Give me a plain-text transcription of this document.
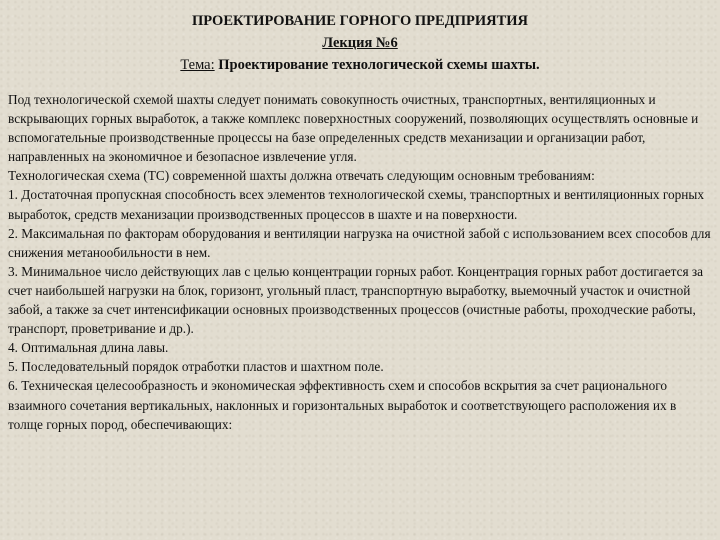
ПРОЕКТИРОВАНИЕ ГОРНОГО ПРЕДПРИЯТИЯ
Лекция №6
Тема: Проектирование технологической схемы шахты.

Под технологической схемой шахты следует понимать совокупность очистных, транспортных, вентиляционных и вскрывающих горных выработок, а также комплекс поверхностных сооружений, позволяющих осуществлять основные и вспомогательные производственные процессы на базе определенных средств механизации и организации работ, направленных на экономичное и безопасное извлечение угля.

Технологическая схема (ТС) современной шахты должна отвечать следующим основным требованиям:

1. Достаточная пропускная способность всех элементов технологической схемы, транспортных и вентиляционных горных выработок, средств механизации производственных процессов в шахте и на поверхности.

2. Максимальная по факторам оборудования и вентиляции нагрузка на очистной забой с использованием всех способов для снижения метанообильности в нем.

3. Минимальное число действующих лав с целью концентрации горных работ. Концентрация горных работ достигается за счет наибольшей нагрузки на блок, горизонт, угольный пласт, транспортную выработку, выемочный участок и очистной забой, а также за счет интенсификации основных производственных процессов (очистные работы, проходческие работы, транспорт, проветривание и др.).

4. Оптимальная длина лавы.

5. Последовательный порядок отработки пластов и шахтном поле.

6. Техническая целесообразность и экономическая эффективность схем и способов вскрытия за счет рационального взаимного сочетания вертикальных, наклонных и горизонтальных выработок и соответствующего расположения их в толще горных пород, обеспечивающих:
